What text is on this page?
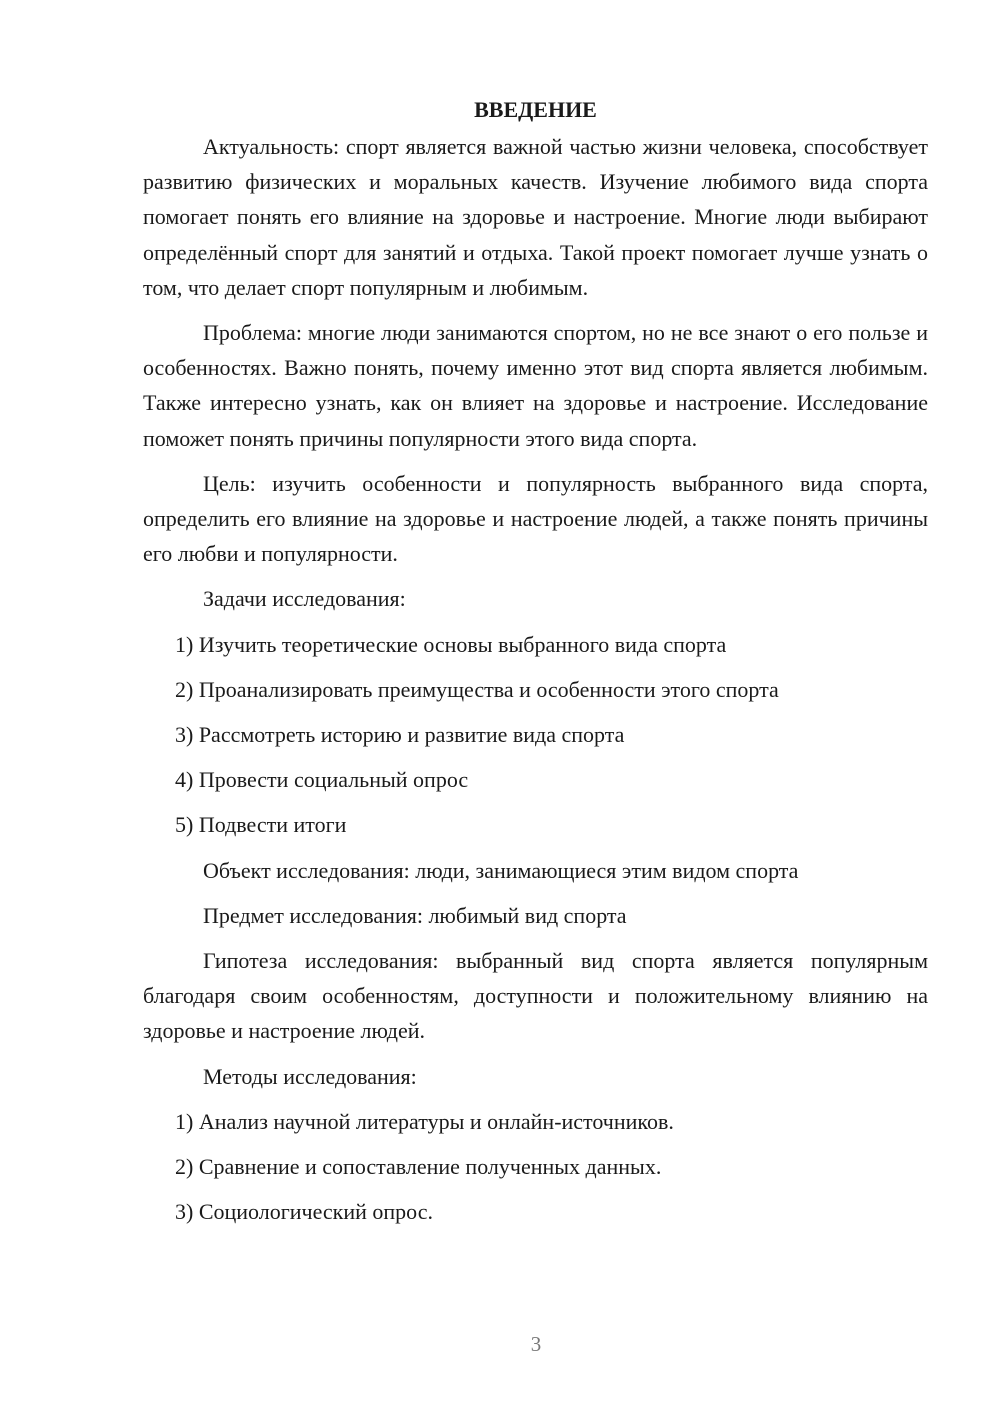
ВВЕДЕНИЕ

Актуальность: спорт является важной частью жизни человека, способствует развитию физических и моральных качеств. Изучение любимого вида спорта помогает понять его влияние на здоровье и настроение. Многие люди выбирают определённый спорт для занятий и отдыха. Такой проект помогает лучше узнать о том, что делает спорт популярным и любимым.

Проблема: многие люди занимаются спортом, но не все знают о его пользе и особенностях. Важно понять, почему именно этот вид спорта является любимым. Также интересно узнать, как он влияет на здоровье и настроение. Исследование поможет понять причины популярности этого вида спорта.

Цель: изучить особенности и популярность выбранного вида спорта, определить его влияние на здоровье и настроение людей, а также понять причины его любви и популярности.

Задачи исследования:

1) Изучить теоретические основы выбранного вида спорта

2) Проанализировать преимущества и особенности этого спорта

3) Рассмотреть историю и развитие вида спорта

4) Провести социальный опрос

5) Подвести итоги

Объект исследования: люди, занимающиеся этим видом спорта

Предмет исследования: любимый вид спорта

Гипотеза исследования: выбранный вид спорта является популярным благодаря своим особенностям, доступности и положительному влиянию на здоровье и настроение людей.

Методы исследования:

1) Анализ научной литературы и онлайн-источников.

2) Сравнение и сопоставление полученных данных.

3) Социологический опрос.

3
